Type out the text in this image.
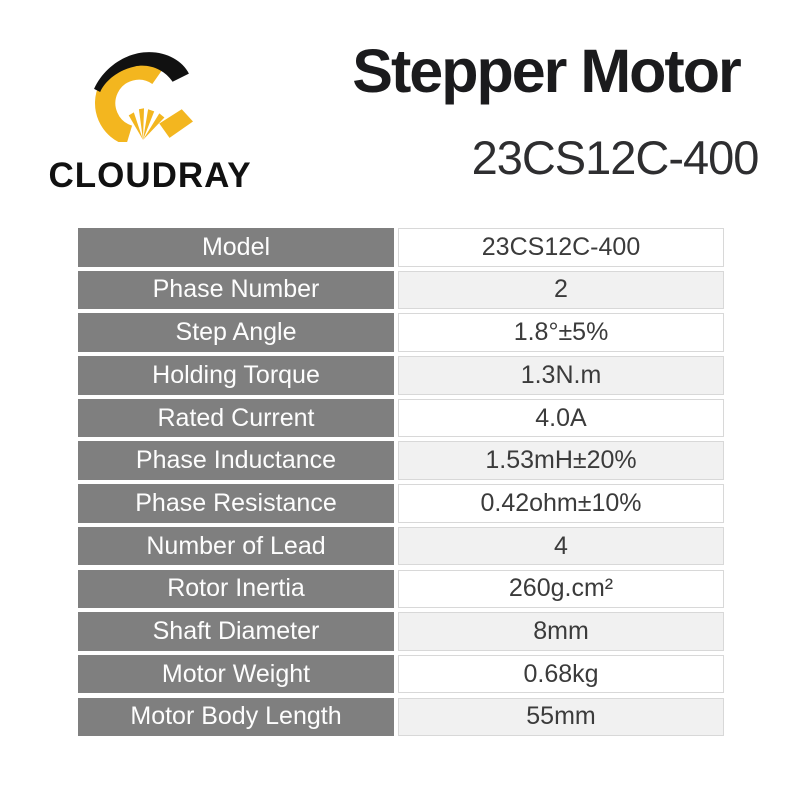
CLOUDRAY
Stepper Motor
23CS12C-400
Model	23CS12C-400
Phase Number	2
Step Angle	1.8°±5%
Holding Torque	1.3N.m
Rated Current	4.0A
Phase Inductance	1.53mH±20%
Phase Resistance	0.42ohm±10%
Number of Lead	4
Rotor Inertia	260g.cm²
Shaft Diameter	8mm
Motor Weight	0.68kg
Motor Body Length	55mm
